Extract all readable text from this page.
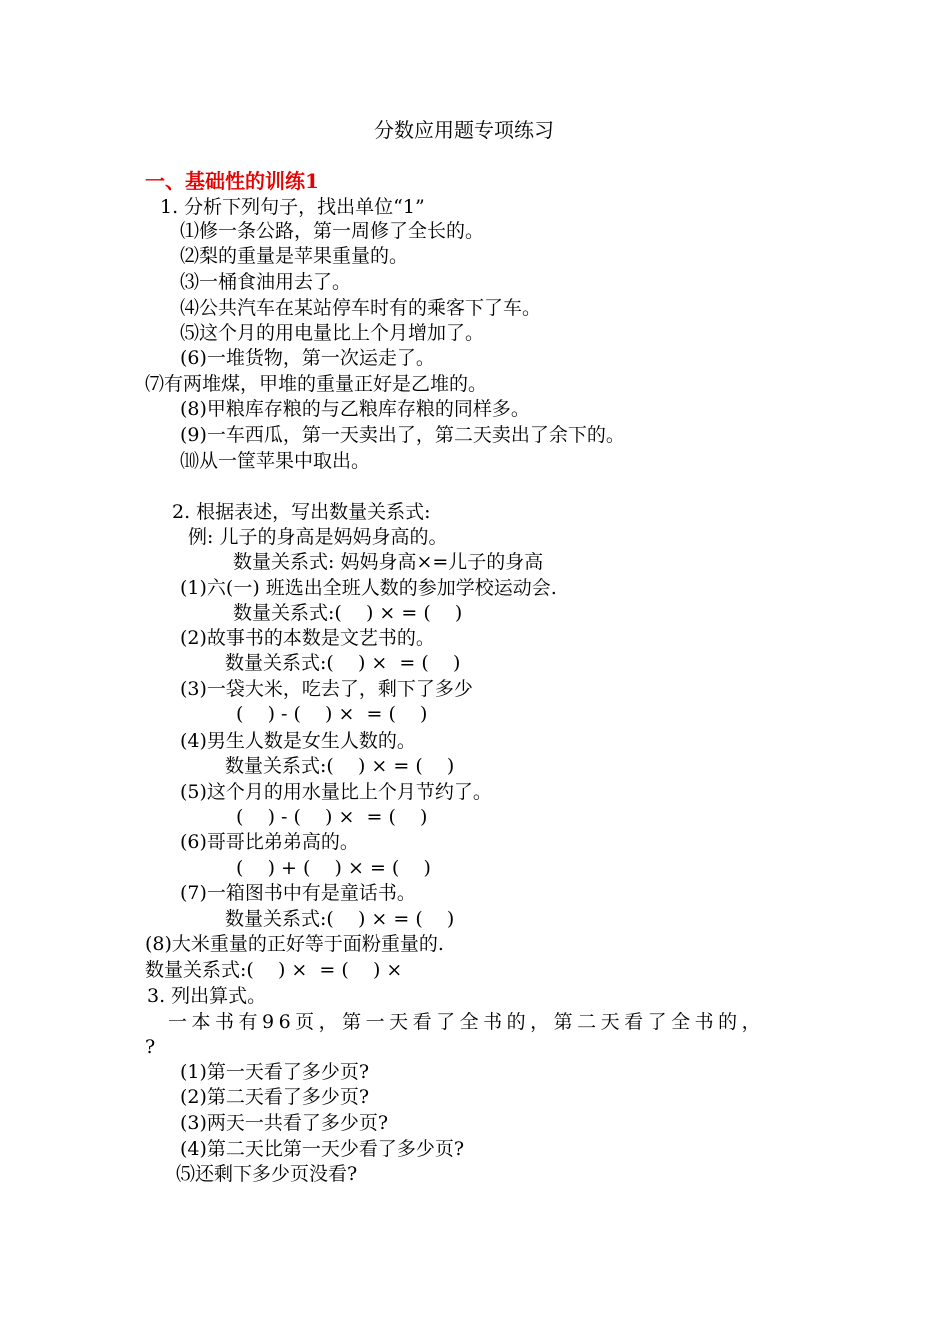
分数应用题专项练习
一、基础性的训练1
1. 分析下列句子，找出单位“1”
⑴修一条公路，第一周修了全长的。
⑵梨的重量是苹果重量的。
⑶一桶食油用去了。
⑷公共汽车在某站停车时有的乘客下了车。
⑸这个月的用电量比上个月增加了。
(6)一堆货物，第一次运走了。
⑺有两堆煤，甲堆的重量正好是乙堆的。
(8)甲粮库存粮的与乙粮库存粮的同样多。
(9)一车西瓜，第一天卖出了，第二天卖出了余下的。
⑽从一筐苹果中取出。
2. 根据表述，写出数量关系式:
例: 儿子的身高是妈妈身高的。
数量关系式: 妈妈身高×=儿子的身高
(1)六(一) 班选出全班人数的参加学校运动会.
数量关系式:(    ) × = (    )
(2)故事书的本数是文艺书的。
数量关系式:(    ) ×  = (    )
(3)一袋大米，吃去了，剩下了多少
(    ) - (    ) ×  = (    )
(4)男生人数是女生人数的。
数量关系式:(    ) × = (    )
(5)这个月的用水量比上个月节约了。
(    ) - (    ) ×  = (    )
(6)哥哥比弟弟高的。
(    ) + (    ) × = (    )
(7)一箱图书中有是童话书。
数量关系式:(    ) × = (    )
(8)大米重量的正好等于面粉重量的.
数量关系式:(    ) ×  = (    ) ×
3. 列出算式。
一本书有96页，第一天看了全书的，第二天看了全书的，
?
(1)第一天看了多少页?
(2)第二天看了多少页?
(3)两天一共看了多少页?
(4)第二天比第一天少看了多少页?
⑸还剩下多少页没看?
